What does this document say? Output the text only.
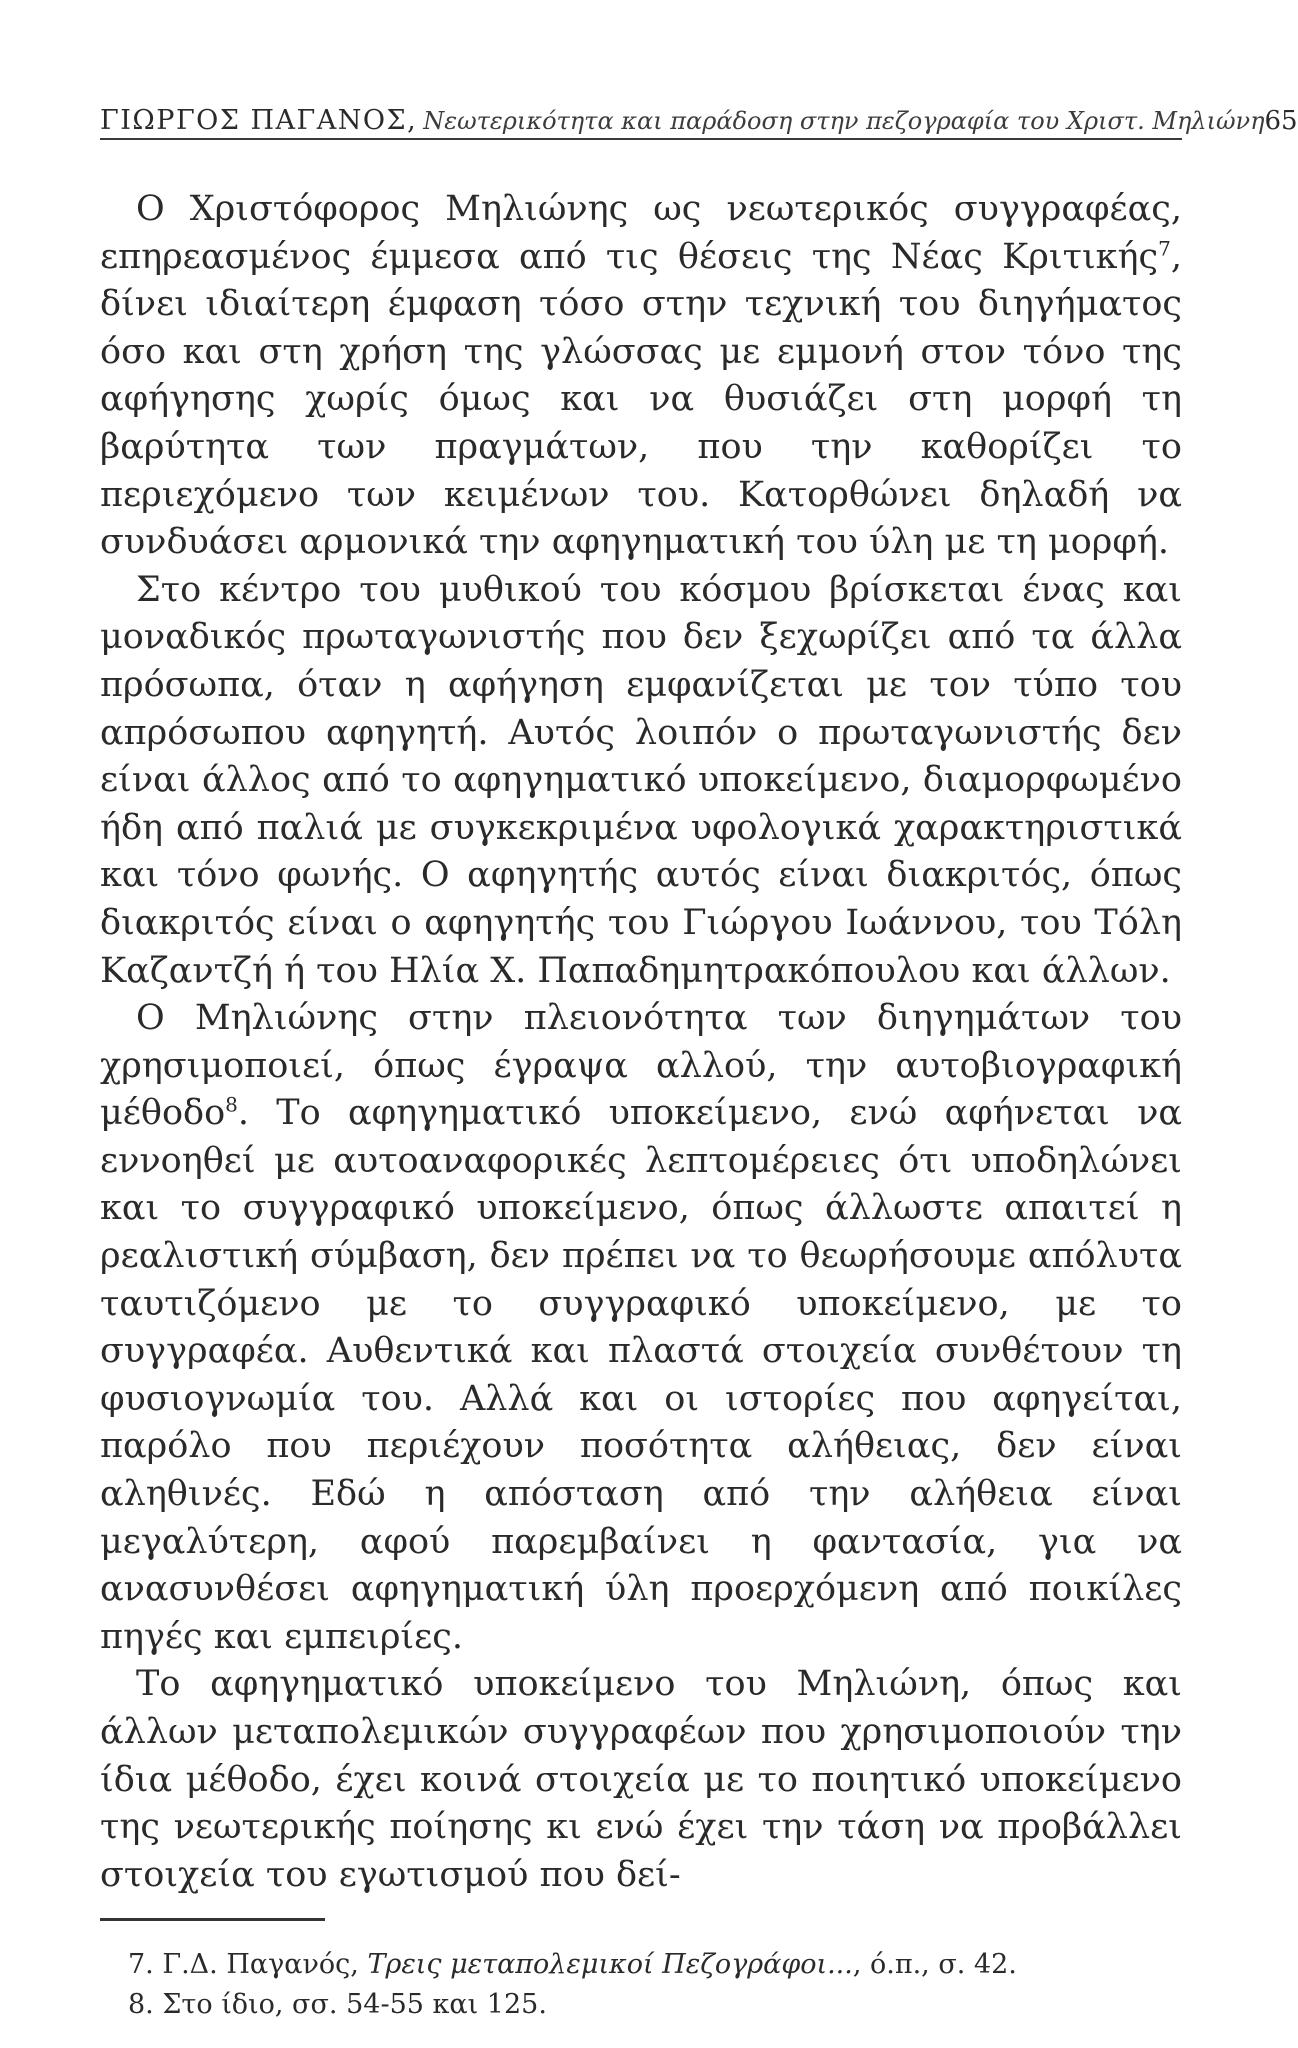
ΓΙΩΡΓΟΣ ΠΑΓΑΝΟΣ, Νεωτερικότητα και παράδοση στην πεζογραφία του Χριστ. Μηλιώνη 65

Ο Χριστόφορος Μηλιώνης ως νεωτερικός συγγραφέας, επηρεασμένος έμμεσα από τις θέσεις της Νέας Κριτικής$^7$, δίνει ιδιαίτερη έμφαση τόσο στην τεχνική του διηγήματος όσο και στη χρήση της γλώσσας με εμμονή στον τόνο της αφήγησης χωρίς όμως και να θυσιάζει στη μορφή τη βαρύτητα των πραγμάτων, που την καθορίζει το περιεχόμενο των κειμένων του. Κατορθώνει δηλαδή να συνδυάσει αρμονικά την αφηγηματική του ύλη με τη μορφή.

Στο κέντρο του μυθικού του κόσμου βρίσκεται ένας και μοναδικός πρωταγωνιστής που δεν ξεχωρίζει από τα άλλα πρόσωπα, όταν η αφήγηση εμφανίζεται με τον τύπο του απρόσωπου αφηγητή. Αυτός λοιπόν ο πρωταγωνιστής δεν είναι άλλος από το αφηγηματικό υποκείμενο, διαμορφωμένο ήδη από παλιά με συγκεκριμένα υφολογικά χαρακτηριστικά και τόνο φωνής. Ο αφηγητής αυτός είναι διακριτός, όπως διακριτός είναι ο αφηγητής του Γιώργου Ιωάννου, του Τόλη Καζαντζή ή του Ηλία Χ. Παπαδημητρακόπουλου και άλλων.

Ο Μηλιώνης στην πλειονότητα των διηγημάτων του χρησιμοποιεί, όπως έγραψα αλλού, την αυτοβιογραφική μέθοδο$^8$. Το αφηγηματικό υποκείμενο, ενώ αφήνεται να εννοηθεί με αυτοαναφορικές λεπτομέρειες ότι υποδηλώνει και το συγγραφικό υποκείμενο, όπως άλλωστε απαιτεί η ρεαλιστική σύμβαση, δεν πρέπει να το θεωρήσουμε απόλυτα ταυτιζόμενο με το συγγραφικό υποκείμενο, με το συγγραφέα. Αυθεντικά και πλαστά στοιχεία συνθέτουν τη φυσιογνωμία του. Αλλά και οι ιστορίες που αφηγείται, παρόλο που περιέχουν ποσότητα αλήθειας, δεν είναι αληθινές. Εδώ η απόσταση από την αλήθεια είναι μεγαλύτερη, αφού παρεμβαίνει η φαντασία, για να ανασυνθέσει αφηγηματική ύλη προερχόμενη από ποικίλες πηγές και εμπειρίες.

Το αφηγηματικό υποκείμενο του Μηλιώνη, όπως και άλλων μεταπολεμικών συγγραφέων που χρησιμοποιούν την ίδια μέθοδο, έχει κοινά στοιχεία με το ποιητικό υποκείμενο της νεωτερικής ποίησης κι ενώ έχει την τάση να προβάλλει στοιχεία του εγωτισμού που δεί-

7. Γ.Δ. Παγανός, Τρεις μεταπολεμικοί Πεζογράφοι..., ό.π., σ. 42.

8. Στο ίδιο, σσ. 54-55 και 125.
